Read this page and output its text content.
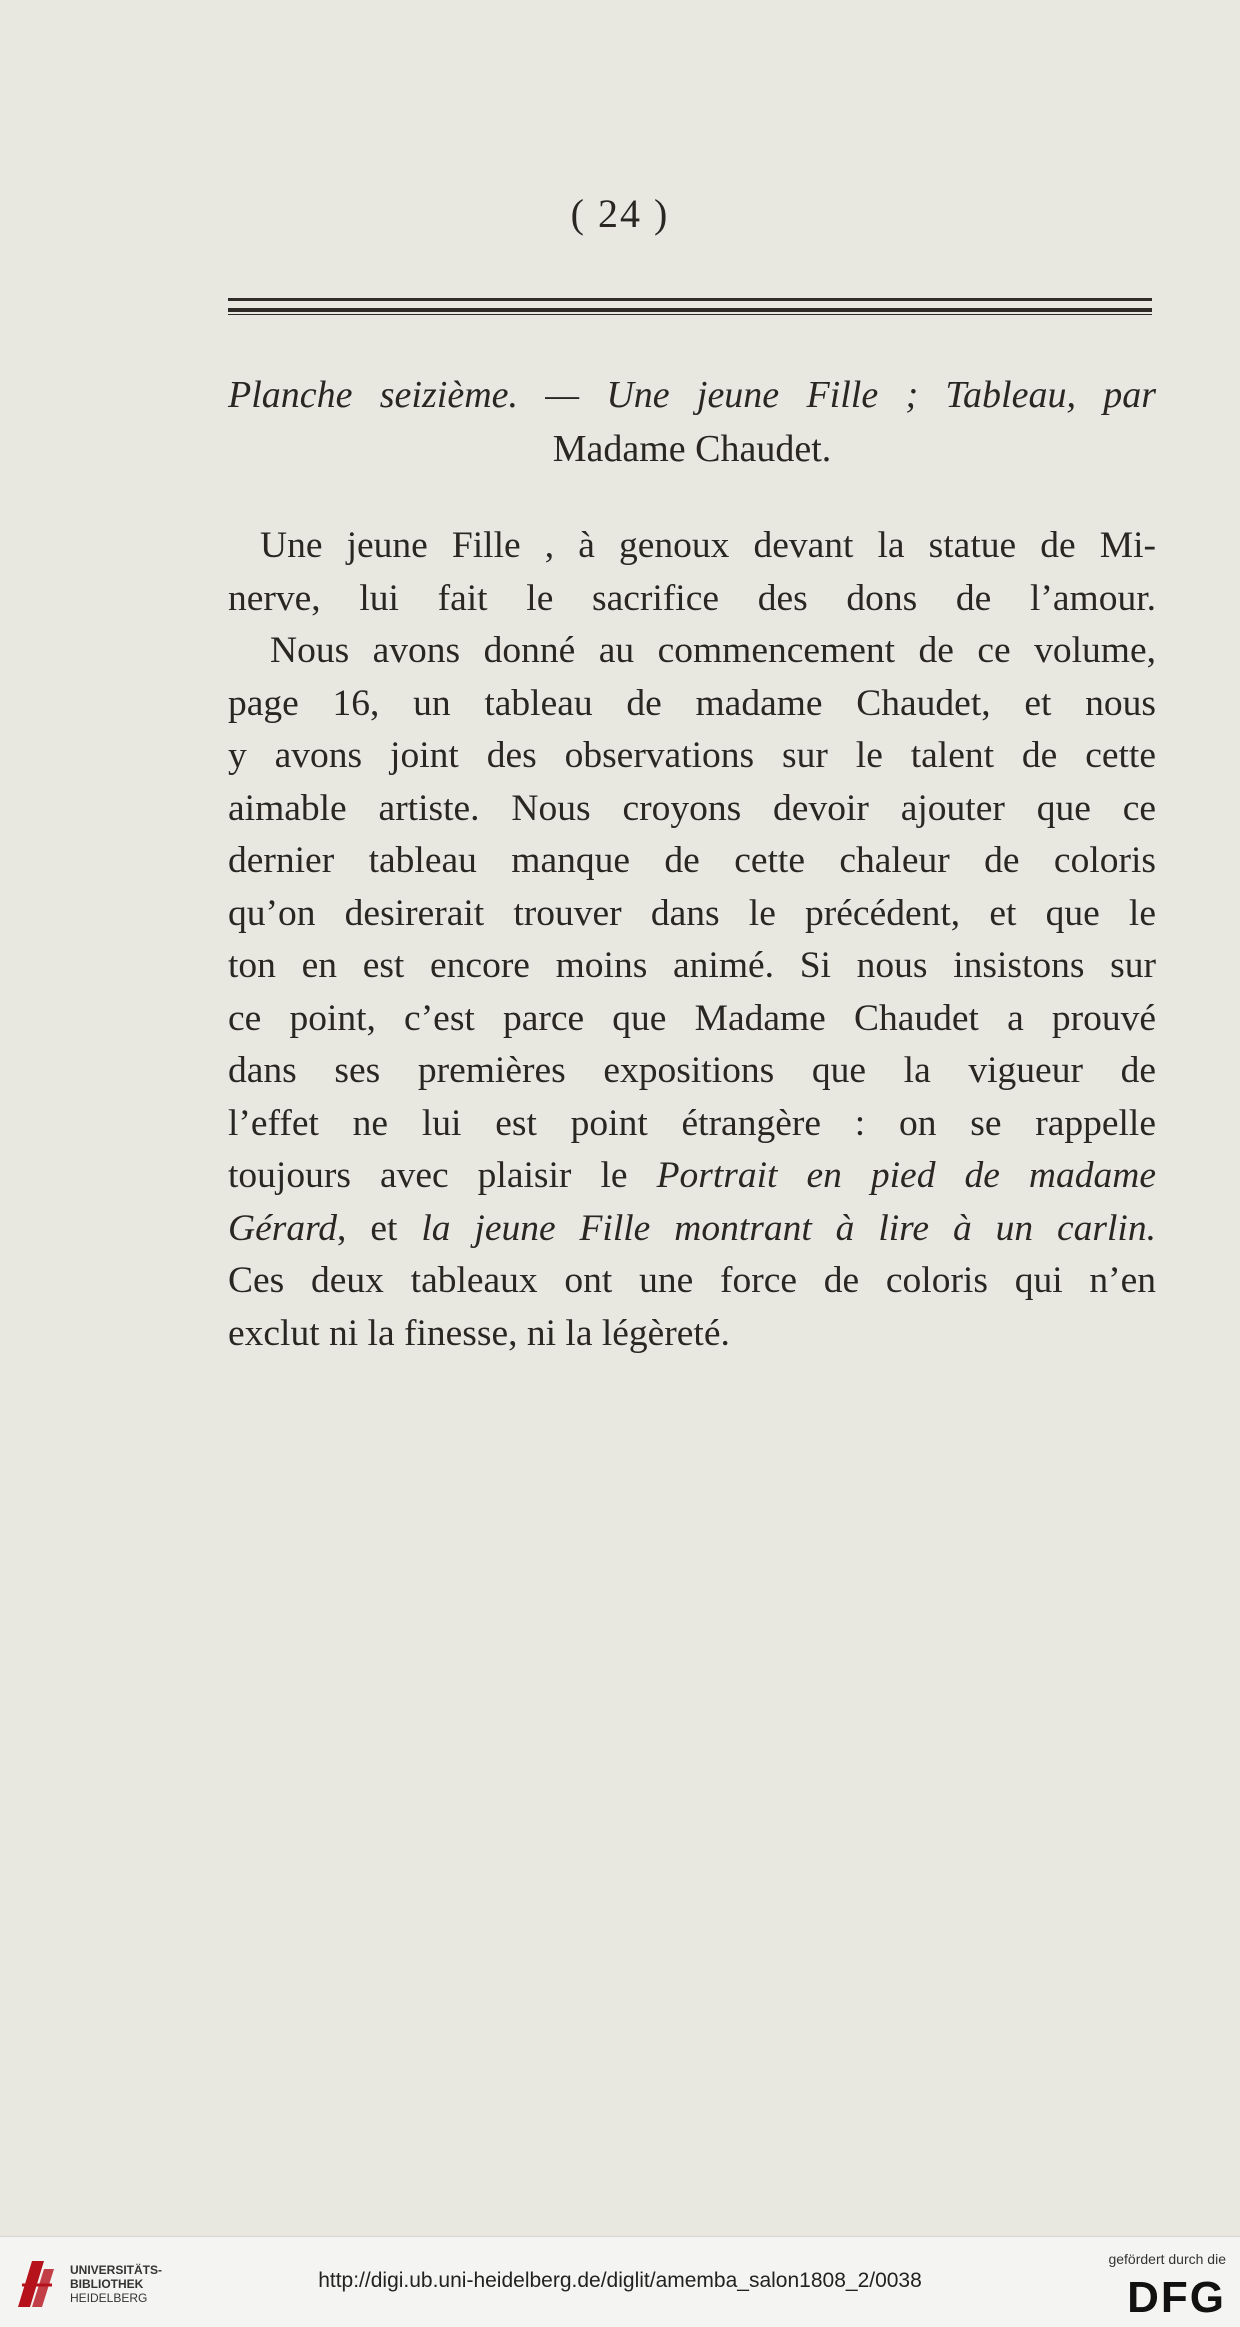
( 24 )
Planche seizième. — Une jeune Fille ; Tableau, par
Madame Chaudet.
Une jeune Fille , à genoux devant la statue de Mi-
nerve, lui fait le sacrifice des dons de l’amour.
Nous avons donné au commencement de ce volume,
page 16, un tableau de madame Chaudet, et nous
y avons joint des observations sur le talent de cette
aimable artiste. Nous croyons devoir ajouter que ce
dernier tableau manque de cette chaleur de coloris
qu’on desirerait trouver dans le précédent, et que le
ton en est encore moins animé. Si nous insistons sur
ce point, c’est parce que Madame Chaudet a prouvé
dans ses premières expositions que la vigueur de
l’effet ne lui est point étrangère : on se rappelle
toujours avec plaisir le Portrait en pied de madame
Gérard, et la jeune Fille montrant à lire à un carlin.
Ces deux tableaux ont une force de coloris qui n’en
exclut ni la finesse, ni la légèreté.
UNIVERSITÄTS-
BIBLIOTHEK
HEIDELBERG
http://digi.ub.uni-heidelberg.de/diglit/amemba_salon1808_2/0038
gefördert durch die
DFG
